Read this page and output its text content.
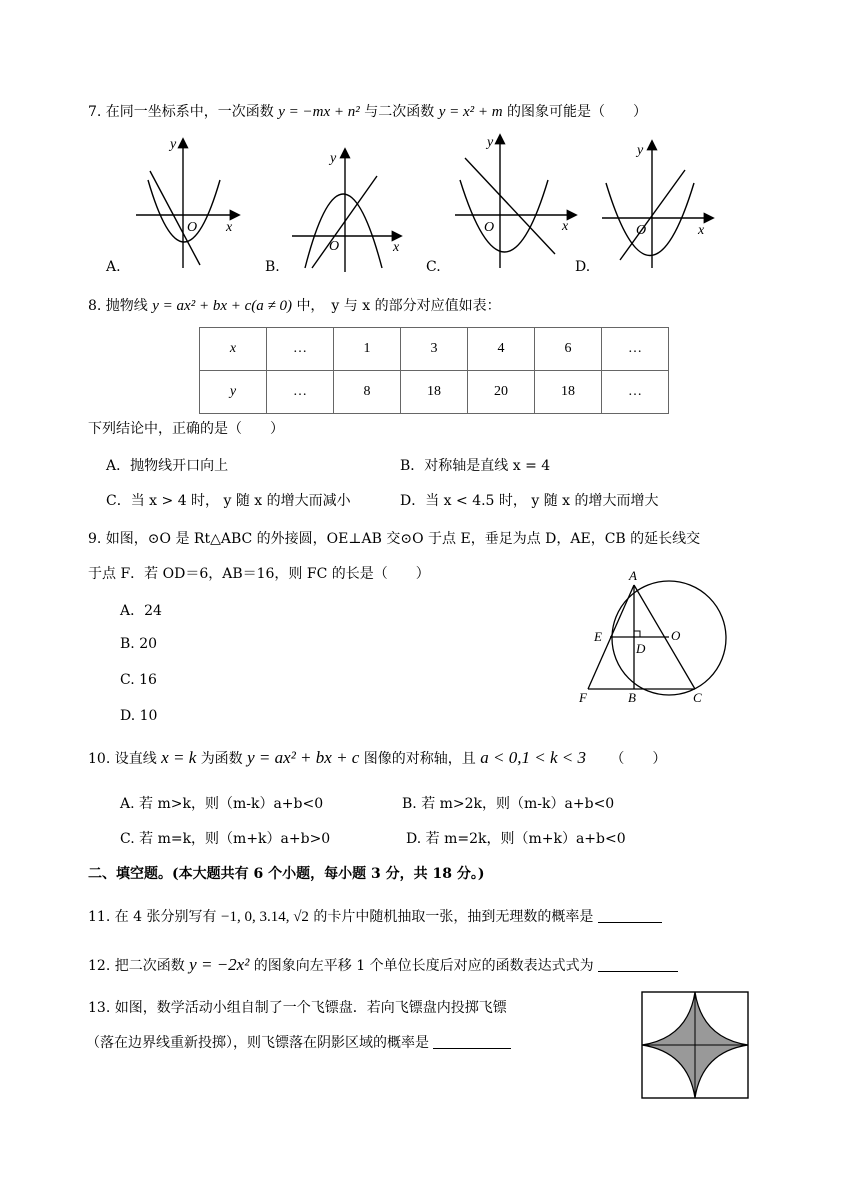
7. 在同一坐标系中，一次函数 y = −mx + n² 与二次函数 y = x² + m 的图象可能是（　　）
y
x
O
y
x
O
y
x
O
y
x
O
A.	B.	C.	D.
8. 抛物线 y = ax² + bx + c(a ≠ 0) 中，　y 与 x 的部分对应值如表：
x	…	1	3	4	6	…
y	…	8	18	20	18	…
下列结论中，正确的是（　　）
A．抛物线开口向上	B．对称轴是直线 x = 4
C．当 x > 4 时， y 随 x 的增大而减小	D．当 x < 4.5 时， y 随 x 的增大而增大
9. 如图，⊙O 是 Rt△ABC 的外接圆，OE⊥AB 交⊙O 于点 E，垂足为点 D，AE，CB 的延长线交
于点 F．若 OD＝6，AB＝16，则 FC 的长是（　　）
A．24
B. 20
C. 16
D. 10
A
E	O
D
F	B	C
10. 设直线 x = k 为函数 y = ax² + bx + c 图像的对称轴，且 a < 0,1 < k < 3 （　　）
A. 若 m>k，则（m-k）a+b<0	B. 若 m>2k，则（m-k）a+b<0
C. 若 m=k，则（m+k）a+b>0	D. 若 m=2k，则（m+k）a+b<0
二、填空题。(本大题共有 6 个小题，每小题 3 分，共 18 分。)
11. 在 4 张分别写有 −1, 0, 3.14, √2 的卡片中随机抽取一张，抽到无理数的概率是
12. 把二次函数 y = −2x² 的图象向左平移 1 个单位长度后对应的函数表达式式为
13. 如图，数学活动小组自制了一个飞镖盘．若向飞镖盘内投掷飞镖
（落在边界线重新投掷），则飞镖落在阴影区域的概率是
